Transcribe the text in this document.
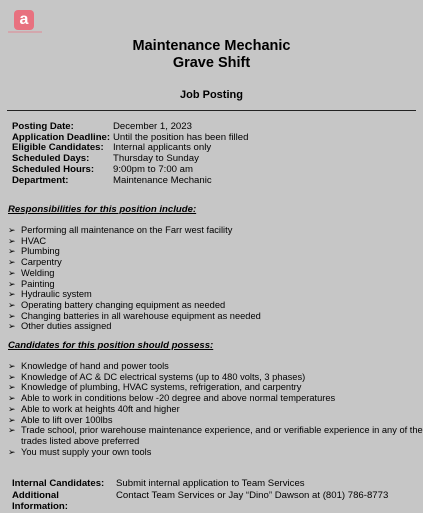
a
Maintenance Mechanic
Grave Shift
Job Posting
Posting Date:	December 1, 2023
Application Deadline: Until the position has been filled
Eligible Candidates: Internal applicants only
Scheduled Days:	Thursday to Sunday
Scheduled Hours:	9:00pm to 7:00 am
Department:	Maintenance Mechanic
Responsibilities for this position include:
➢ Performing all maintenance on the Farr west facility
➢ HVAC
➢ Plumbing
➢ Carpentry
➢ Welding
➢ Painting
➢ Hydraulic system
➢ Operating battery changing equipment as needed
➢ Changing batteries in all warehouse equipment as needed
➢ Other duties assigned
Candidates for this position should possess:
➢ Knowledge of hand and power tools
➢ Knowledge of AC & DC electrical systems (up to 480 volts, 3 phases)
➢ Knowledge of plumbing, HVAC systems, refrigeration, and carpentry
➢ Able to work in conditions below -20 degree and above normal temperatures
➢ Able to work at heights 40ft and higher
➢ Able to lift over 100lbs
➢ Trade school, prior warehouse maintenance experience, and or verifiable experience in any of the trades listed above preferred
➢ You must supply your own tools
Internal Candidates:	Submit internal application to Team Services
Additional Information:
Contact Team Services or Jay “Dino” Dawson at (801) 786-8773
